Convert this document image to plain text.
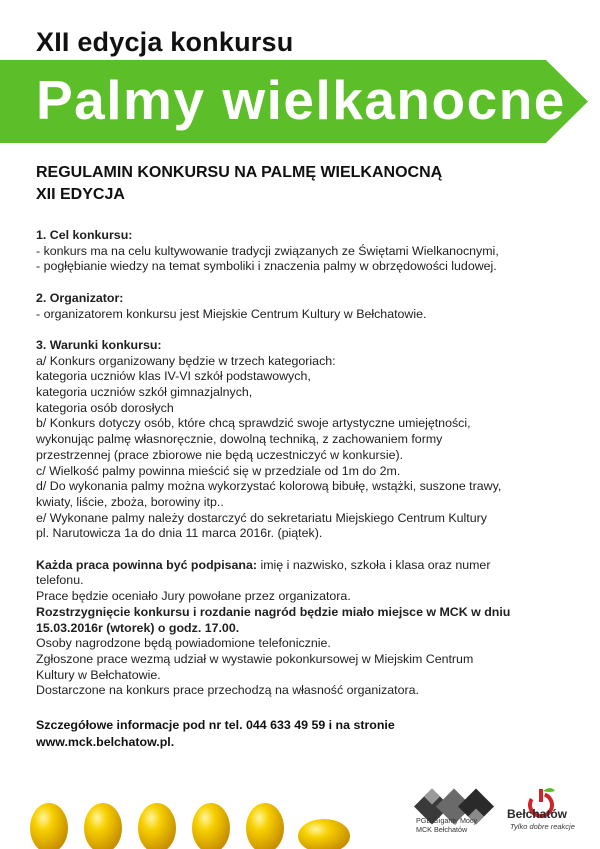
XII edycja konkursu
Palmy wielkanocne
REGULAMIN KONKURSU NA PALMĘ WIELKANOCNĄ
XII EDYCJA
1. Cel konkursu:
- konkurs ma na celu kultywowanie tradycji związanych ze Świętami Wielkanocnymi,
- pogłębianie wiedzy na temat symboliki i znaczenia palmy w obrzędowości ludowej.
2. Organizator:
- organizatorem konkursu jest Miejskie Centrum Kultury w Bełchatowie.
3. Warunki konkursu:
a/ Konkurs organizowany będzie w trzech kategoriach:
kategoria uczniów klas IV-VI szkół podstawowych,
kategoria uczniów szkół gimnazjalnych,
kategoria osób dorosłych
b/ Konkurs dotyczy osób, które chcą sprawdzić swoje artystyczne umiejętności,
wykonując palmę własnoręcznie, dowolną techniką, z zachowaniem formy
przestrzennej (prace zbiorowe nie będą uczestniczyć w konkursie).
c/ Wielkość palmy powinna mieścić się w przedziale od 1m do 2m.
d/ Do wykonania palmy można wykorzystać kolorową bibułę, wstążki, suszone trawy,
kwiaty, liście, zboża, borowiny itp..
e/ Wykonane palmy należy dostarczyć do sekretariatu Miejskiego Centrum Kultury
pl. Narutowicza 1a do dnia 11 marca 2016r. (piątek).
Każda praca powinna być podpisana: imię i nazwisko, szkoła i klasa oraz numer
telefonu.
Prace będzie oceniało Jury powołane przez organizatora.
Rozstrzygnięcie konkursu i rozdanie nagród będzie miało miejsce w MCK w dniu
15.03.2016r (wtorek) o godz. 17.00.
Osoby nagrodzone będą powiadomione telefonicznie.
Zgłoszone prace wezmą udział w wystawie pokonkursowej w Miejskim Centrum
Kultury w Bełchatowie.
Dostarczone na konkurs prace przechodzą na własność organizatora.
Szczegółowe informacje pod nr tel. 044 633 49 59 i na stronie
www.mck.belchatow.pl.
PGE Giganty Mocy
MCK Bełchatów
Bełchatów
Tylko dobre reakcje
